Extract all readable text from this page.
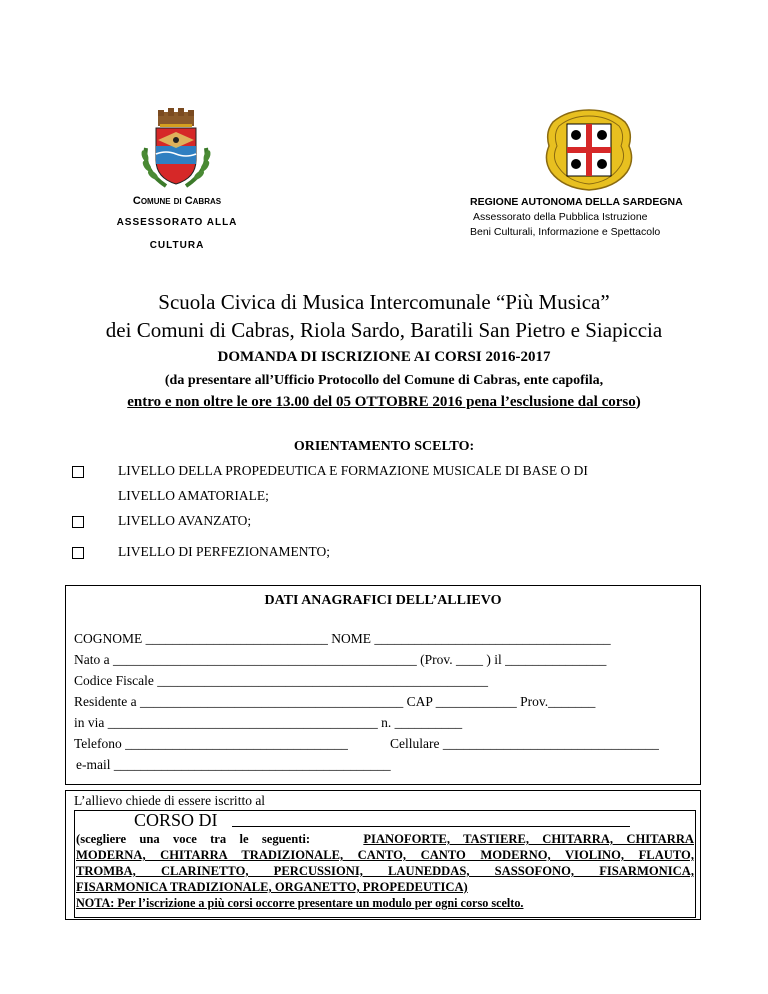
Comune di Cabras
ASSESSORATO ALLA
CULTURA
REGIONE AUTONOMA DELLA SARDEGNA
Assessorato della Pubblica Istruzione
Beni Culturali, Informazione e Spettacolo
Scuola Civica di Musica Intercomunale “Più Musica”
dei Comuni di Cabras, Riola Sardo, Baratili San Pietro e Siapiccia
DOMANDA DI ISCRIZIONE AI CORSI 2016-2017
(da presentare all’Ufficio Protocollo del Comune di Cabras, ente capofila,
entro e non oltre le ore 13.00 del 05 OTTOBRE 2016 pena l’esclusione dal corso)
ORIENTAMENTO SCELTO:
LIVELLO DELLA PROPEDEUTICA E FORMAZIONE MUSICALE DI BASE O DI
LIVELLO AMATORIALE;
LIVELLO AVANZATO;
LIVELLO DI PERFEZIONAMENTO;
DATI ANAGRAFICI DELL’ALLIEVO
COGNOME ___________________________ NOME ___________________________________
Nato a _____________________________________________ (Prov. ____ ) il _______________
Codice Fiscale _________________________________________________
Residente a _______________________________________ CAP ____________ Prov._______
in via ________________________________________ n. __________
Telefono _________________________________	Cellulare ________________________________
e-mail _________________________________________
L’allievo chiede di essere iscritto al
CORSO DI
(scegliere una voce tra le seguenti:	PIANOFORTE, TASTIERE, CHITARRA, CHITARRA
MODERNA, CHITARRA TRADIZIONALE, CANTO, CANTO MODERNO, VIOLINO, FLAUTO,
TROMBA, CLARINETTO, PERCUSSIONI, LAUNEDDAS, SASSOFONO, FISARMONICA,
FISARMONICA TRADIZIONALE, ORGANETTO, PROPEDEUTICA)
NOTA: Per l’iscrizione a più corsi occorre presentare un modulo per ogni corso scelto.
